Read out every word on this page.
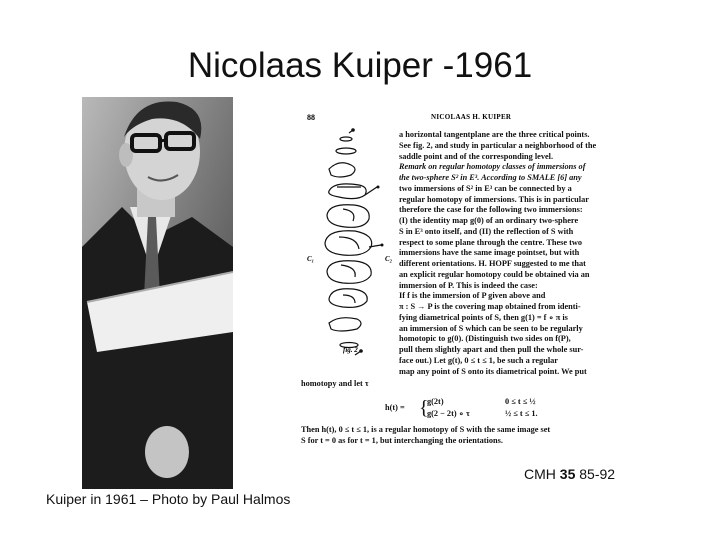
Nicolaas Kuiper -1961
Kuiper in 1961 – Photo by Paul Halmos
CMH 35 85-92
88	NICOLAAS H. KUIPER
fig. 2
C₁	C₂
a horizontal tangentplane are the three critical points.
See fig. 2, and study in particular a neighborhood of the
saddle point and of the corresponding level.
Remark on regular homotopy classes of immersions of
the two-sphere S² in E³. According to SMALE [6] any
two immersions of S² in E³ can be connected by a
regular homotopy of immersions. This is in particular
therefore the case for the following two immersions:
(I) the identity map g(0) of an ordinary two-sphere
S in E³ onto itself, and (II) the reflection of S with
respect to some plane through the centre. These two
immersions have the same image pointset, but with
different orientations. H. HOPF suggested to me that
an explicit regular homotopy could be obtained via an
immersion of P. This is indeed the case:
If f is the immersion of P given above and
π : S → P is the covering map obtained from identi-
fying diametrical points of S, then g(1) = f ∘ π is
an immersion of S which can be seen to be regularly
homotopic to g(0). (Distinguish two sides on f(P),
pull them slightly apart and then pull the whole sur-
face out.) Let g(t), 0 ≤ t ≤ 1, be such a regular
map any point of S onto its diametrical point. We put
homotopy and let τ
h(t) = {
g(2t)	0 ≤ t ≤ ½
g(2 − 2t) ∘ τ	½ ≤ t ≤ 1.
Then h(t), 0 ≤ t ≤ 1, is a regular homotopy of S with the same image set
S for t = 0 as for t = 1, but interchanging the orientations.
